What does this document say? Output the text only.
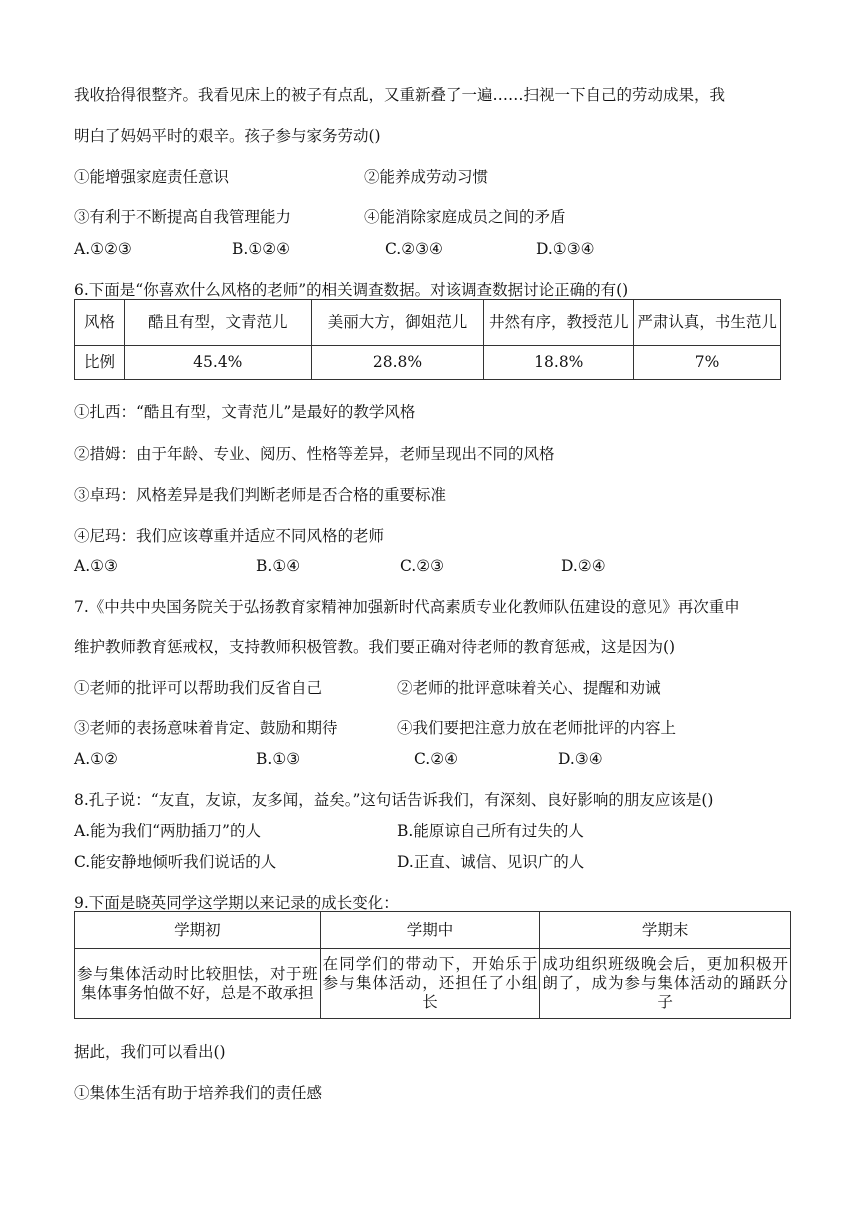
我收拾得很整齐。我看见床上的被子有点乱，又重新叠了一遍……扫视一下自己的劳动成果，我
明白了妈妈平时的艰辛。孩子参与家务劳动()
①能增强家庭责任意识	②能养成劳动习惯
③有利于不断提高自我管理能力	④能消除家庭成员之间的矛盾
A.①②③	B.①②④	C.②③④	D.①③④
6.下面是“你喜欢什么风格的老师”的相关调查数据。对该调查数据讨论正确的有()
风格	酷且有型，文青范儿	美丽大方，御姐范儿	井然有序，教授范儿	严肃认真，书生范儿
比例	45.4%	28.8%	18.8%	7%
①扎西：“酷且有型，文青范儿”是最好的教学风格
②措姆：由于年龄、专业、阅历、性格等差异，老师呈现出不同的风格
③卓玛：风格差异是我们判断老师是否合格的重要标准
④尼玛：我们应该尊重并适应不同风格的老师
A.①③	B.①④	C.②③	D.②④
7.《中共中央国务院关于弘扬教育家精神加强新时代高素质专业化教师队伍建设的意见》再次重申
维护教师教育惩戒权，支持教师积极管教。我们要正确对待老师的教育惩戒，这是因为()
①老师的批评可以帮助我们反省自己	②老师的批评意味着关心、提醒和劝诫
③老师的表扬意味着肯定、鼓励和期待	④我们要把注意力放在老师批评的内容上
A.①②	B.①③	C.②④	D.③④
8.孔子说：“友直，友谅，友多闻，益矣。”这句话告诉我们，有深刻、良好影响的朋友应该是()
A.能为我们“两肋插刀”的人	B.能原谅自己所有过失的人
C.能安静地倾听我们说话的人	D.正直、诚信、见识广的人
9.下面是晓英同学这学期以来记录的成长变化：
学期初	学期中	学期末
参与集体活动时比较胆怯，对于班集体事务怕做不好，总是不敢承担	在同学们的带动下，开始乐于参与集体活动，还担任了小组长	成功组织班级晚会后，更加积极开朗了，成为参与集体活动的踊跃分子
据此，我们可以看出()
①集体生活有助于培养我们的责任感
